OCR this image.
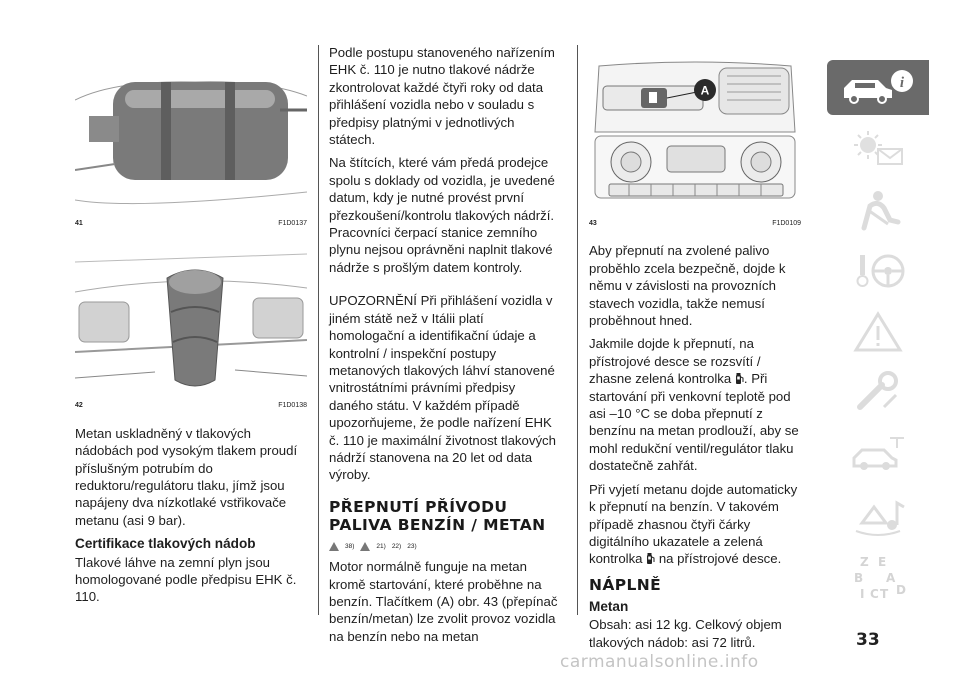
41	F1D0137
42	F1D0138

Metan uskladněný v tlakových nádobách pod vysokým tlakem proudí příslušným potrubím do reduktoru/regulátoru tlaku, jímž jsou napájeny dva nízkotlaké vstřikovače metanu (asi 9 bar).

Certifikace tlakových nádob

Tlakové láhve na zemní plyn jsou homologované podle předpisu EHK č. 110.

Podle postupu stanoveného nařízením EHK č. 110 je nutno tlakové nádrže zkontrolovat každé čtyři roky od data přihlášení vozidla nebo v souladu s předpisy platnými v jednotlivých státech.

Na štítcích, které vám předá prodejce spolu s doklady od vozidla, je uvedené datum, kdy je nutné provést první přezkoušení/kontrolu tlakových nádrží. Pracovníci čerpací stanice zemního plynu nejsou oprávněni naplnit tlakové nádrže s prošlým datem kontroly.

UPOZORNĚNÍ Při přihlášení vozidla v jiném státě než v Itálii platí homologační a identifikační údaje a kontrolní / inspekční postupy metanových tlakových láhví stanovené vnitrostátními právními předpisy daného státu. V každém případě upozorňujeme, že podle nařízení EHK č. 110 je maximální životnost tlakových nádrží stanovena na 20 let od data výroby.

PŘEPNUTÍ PŘÍVODU PALIVA BENZÍN / METAN
38)	21) 22) 23)

Motor normálně funguje na metan kromě startování, které proběhne na benzín. Tlačítkem (A) obr. 43 (přepínač benzín/metan) lze zvolit provoz vozidla na benzín nebo na metan

A
43	F1D0109

Aby přepnutí na zvolené palivo proběhlo zcela bezpečně, dojde k němu v závislosti na provozních stavech vozidla, takže nemusí proběhnout hned.

Jakmile dojde k přepnutí, na přístrojové desce se rozsvítí / zhasne zelená kontrolka . Při startování při venkovní teplotě pod asi –10 °C se doba přepnutí z benzínu na metan prodlouží, aby se mohl redukční ventil/regulátor tlaku dostatečně zahřát.

Při vyjetí metanu dojde automaticky k přepnutí na benzín. V takovém případě zhasnou čtyři čárky digitálního ukazatele a zelená kontrolka  na přístrojové desce.

NÁPLNĚ
Metan

Obsah: asi 12 kg. Celkový objem tlakových nádob: asi 72 litrů.

i
Z E
B A
I C T D
33
carmanualsonline.info
